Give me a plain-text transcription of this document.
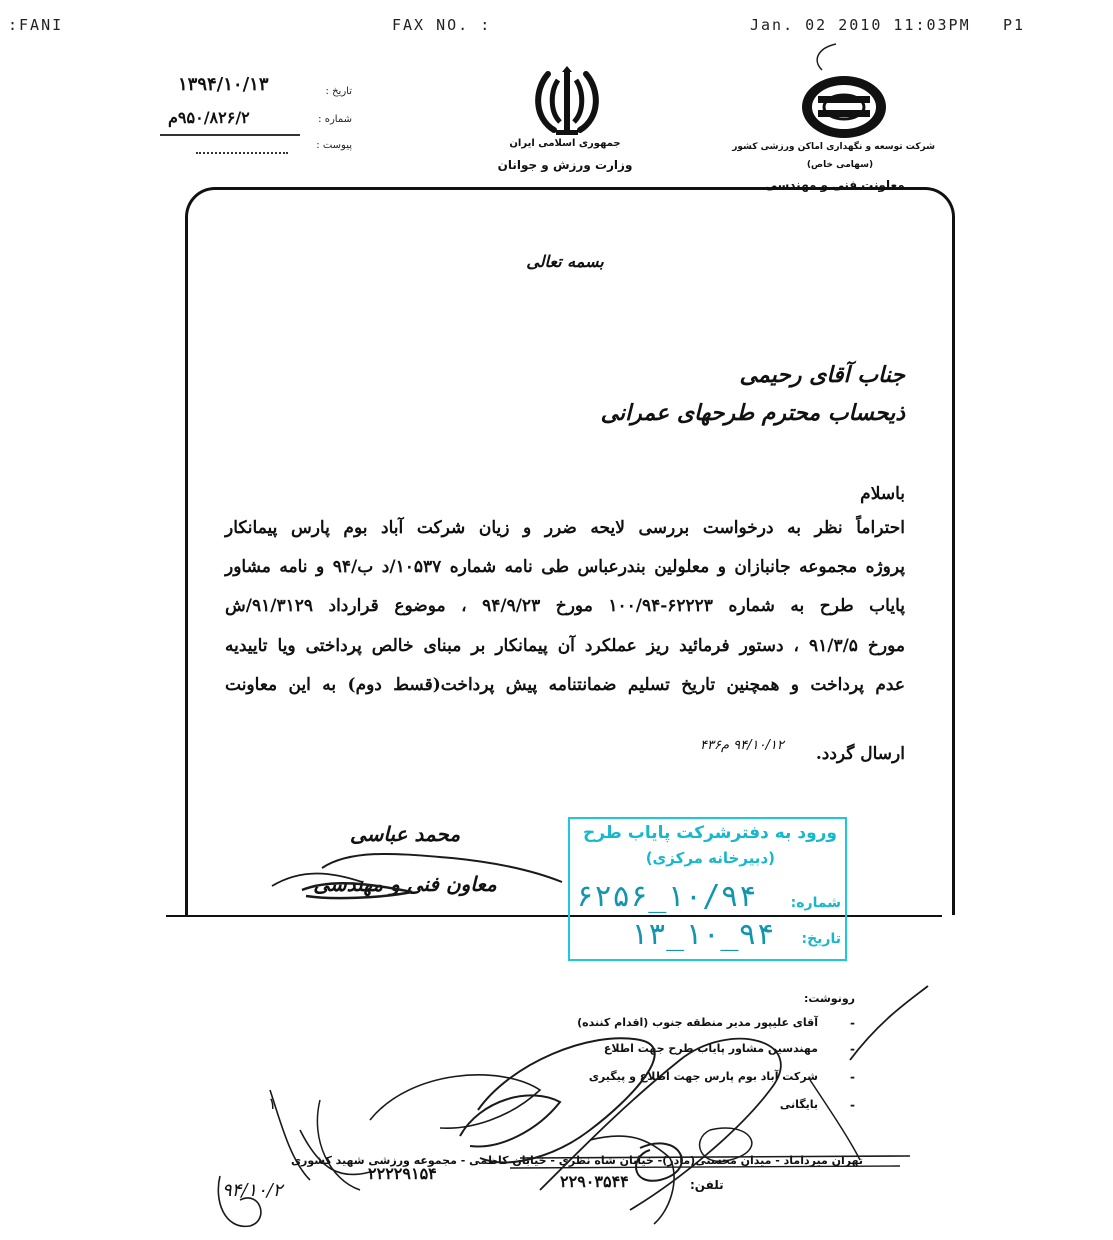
:FANI	FAX NO. :	Jan. 02 2010 11:03PM P1
۱۳۹۴/۱۰/۱۳	تاریخ :
۹۵۰/۸۲۶/۲م	شماره :
پیوست :	جمهوری اسلامی ایران
وزارت ورزش و جوانان
شرکت توسعه و نگهداری اماکن ورزشی کشور
(سهامی خاص)
معاونت فنی و مهندسی
بسمه تعالی
جناب آقای رحیمی
ذیحساب محترم طرحهای عمرانی
باسلام
احتراماً نظر به درخواست بررسی لایحه ضرر و زیان شرکت آباد بوم پارس پیمانکار
پروژه مجموعه جانبازان و معلولین بندرعباس طی نامه شماره ۱۰۵۳۷/د ب/۹۴ و نامه مشاور
پایاب طرح به شماره ۶۲۲۲۳-۱۰۰/۹۴ مورخ ۹۴/۹/۲۳ ، موضوع قرارداد ۹۱/۳۱۲۹/ش
مورخ ۹۱/۳/۵ ، دستور فرمائید ریز عملکرد آن پیمانکار بر مبنای خالص پرداختی ویا تاییدیه
عدم پرداخت و همچنین تاریخ تسلیم ضمانتنامه پیش پرداخت(قسط دوم) به این معاونت
ارسال گردد.
۹۴/۱۰/۱۲ م۴۳۶
محمد عباسی
معاون فنی و مهندسی
ورود به دفترشرکت پایاب طرح
(دبیرخانه مرکزی)
شماره:
۱۰/۹۴_۶۲۵۶
تاریخ:
۹۴_۱۰_۱۳
رونوشت:
آقای علیپور مدیر منطقه جنوب (اقدام کننده)
مهندسین مشاور پایاب طرح جهت اطلاع
شرکت آباد بوم پارس جهت اطلاع و پیگیری
بایگانی
-
-
-
-
تهران میرداماد - میدان محسنی(مادر)- خیابان شاه نظری - خیابان کاظمی - مجموعه ورزشی شهید کشوری
تلفن:
۲۲۹۰۳۵۴۴
۲۲۲۲۹۱۵۴
۹۴/۱۰/۲
۱
